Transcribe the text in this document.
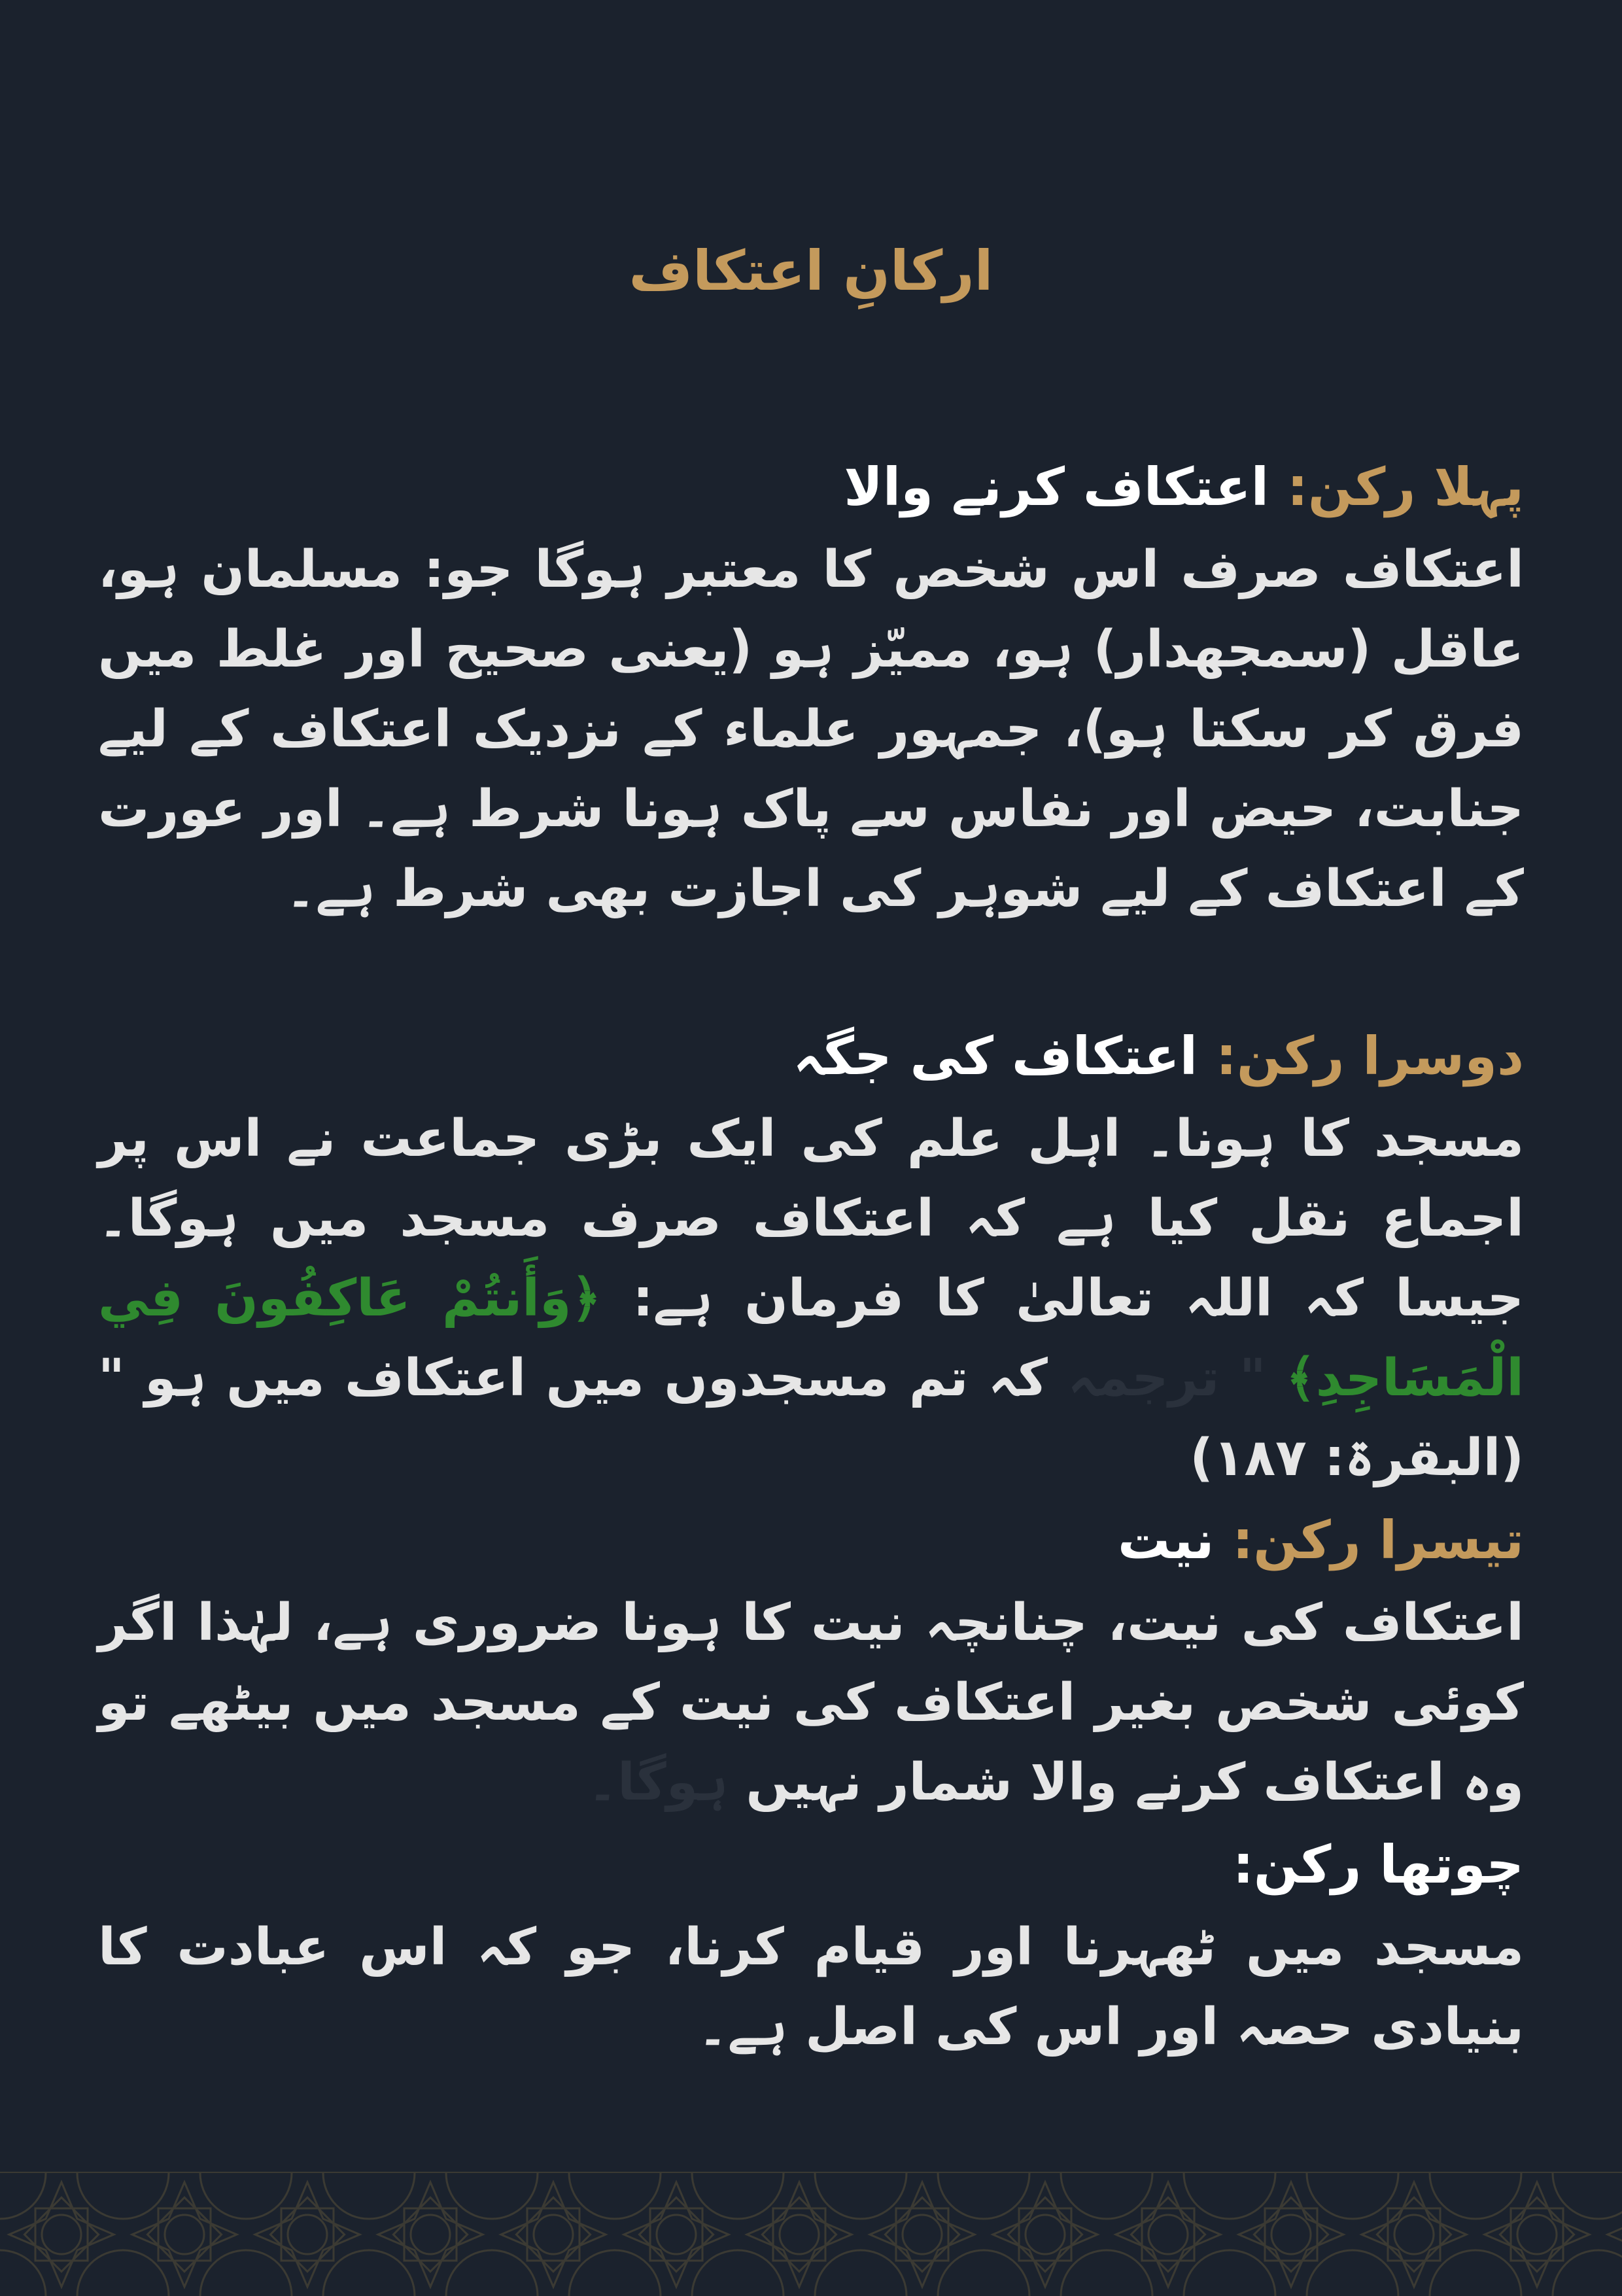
ارکانِ اعتکاف
پہلا رکن: اعتکاف کرنے والا

اعتکاف صرف اس شخص کا معتبر ہوگا جو: مسلمان ہو، عاقل (سمجھدار) ہو، ممیّز ہو (یعنی صحیح اور غلط میں فرق کر سکتا ہو)، جمہور علماء کے نزدیک اعتکاف کے لیے جنابت، حیض اور نفاس سے پاک ہونا شرط ہے۔ اور عورت کے اعتکاف کے لیے شوہر کی اجازت بھی شرط ہے۔

دوسرا رکن: اعتکاف کی جگہ

مسجد کا ہونا۔ اہل علم کی ایک بڑی جماعت نے اس پر اجماع نقل کیا ہے کہ اعتکاف صرف مسجد میں ہوگا۔ جیسا کہ اللہ تعالیٰ کا فرمان ہے: ﴿وَأَنتُمْ عَاكِفُونَ فِي الْمَسَاجِدِ﴾ " ترجمہ کہ تم مسجدوں میں اعتکاف میں ہو " (البقرۃ: ۱۸۷)

تیسرا رکن: نیت

اعتکاف کی نیت، چنانچہ نیت کا ہونا ضروری ہے، لہٰذا اگر کوئی شخص بغیر اعتکاف کی نیت کے مسجد میں بیٹھے تو وہ اعتکاف کرنے والا شمار نہیں ہوگا۔

چوتھا رکن:

مسجد میں ٹھہرنا اور قیام کرنا، جو کہ اس عبادت کا بنیادی حصہ اور اس کی اصل ہے۔
